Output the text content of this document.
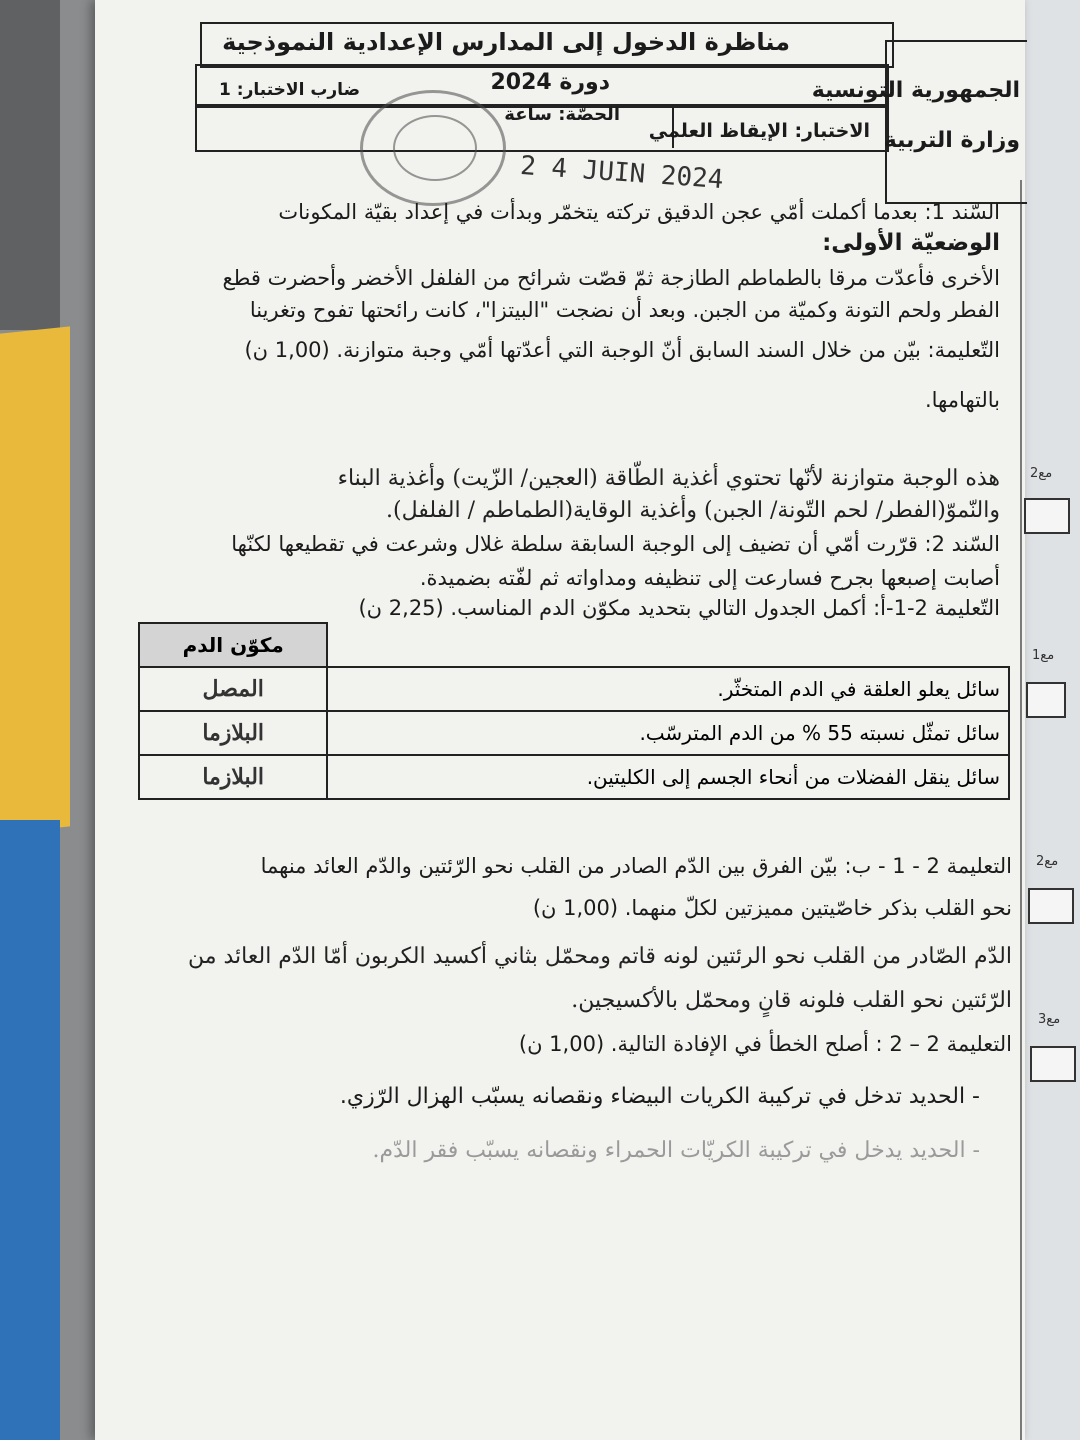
مناظرة الدخول إلى المدارس الإعدادية النموذجية
دورة 2024	الجمهورية التونسية
وزارة التربية
الاختبار: الإيقاظ العلمي
الحصّة: ساعة
ضارب الاختبار: 1
2 4 JUIN 2024
الوضعيّة الأولى:
السّند 1: بعدما أكملت أمّي عجن الدقيق تركته يتخمّر وبدأت في إعداد بقيّة المكونات
الأخرى فأعدّت مرقا بالطماطم الطازجة ثمّ قصّت شرائح من الفلفل الأخضر وأحضرت قطع
الفطر ولحم التونة وكميّة من الجبن. وبعد أن نضجت "البيتزا"، كانت رائحتها تفوح وتغرينا
بالتهامها.
التّعليمة: بيّن من خلال السند السابق أنّ الوجبة التي أعدّتها أمّي وجبة متوازنة. (1,00 ن)
هذه الوجبة متوازنة لأنّها تحتوي أغذية الطّاقة (العجين/ الزّيت) وأغذية البناء
والنّموّ(الفطر/ لحم التّونة/ الجبن) وأغذية الوقاية(الطماطم / الفلفل).
السّند 2: قرّرت أمّي أن تضيف إلى الوجبة السابقة سلطة غلال وشرعت في تقطيعها لكنّها
أصابت إصبعها بجرح فسارعت إلى تنظيفه ومداواته ثم لفّته بضميدة.
التّعليمة 2-1-أ: أكمل الجدول التالي بتحديد مكوّن الدم المناسب. (2,25 ن)
	مكوّن الدم
سائل يعلو العلقة في الدم المتخثّر.	المصل
سائل تمثّل نسبته 55 % من الدم المترسّب.	البلازما
سائل ينقل الفضلات من أنحاء الجسم إلى الكليتين.	البلازما
التعليمة 2 - 1 - ب: بيّن الفرق بين الدّم الصادر من القلب نحو الرّئتين والدّم العائد منهما
نحو القلب بذكر خاصّيتين مميزتين لكلّ منهما. (1,00 ن)
الدّم الصّادر من القلب نحو الرئتين لونه قاتم ومحمّل بثاني أكسيد الكربون أمّا الدّم العائد من
الرّئتين نحو القلب فلونه قانٍ ومحمّل بالأكسيجين.
التعليمة 2 – 2 : أصلح الخطأ في الإفادة التالية. (1,00 ن)
- الحديد تدخل في تركيبة الكريات البيضاء ونقصانه يسبّب الهزال الرّزي.
- الحديد يدخل في تركيبة الكريّات الحمراء ونقصانه يسبّب فقر الدّم.
مع2
مع1
مع2
مع3
